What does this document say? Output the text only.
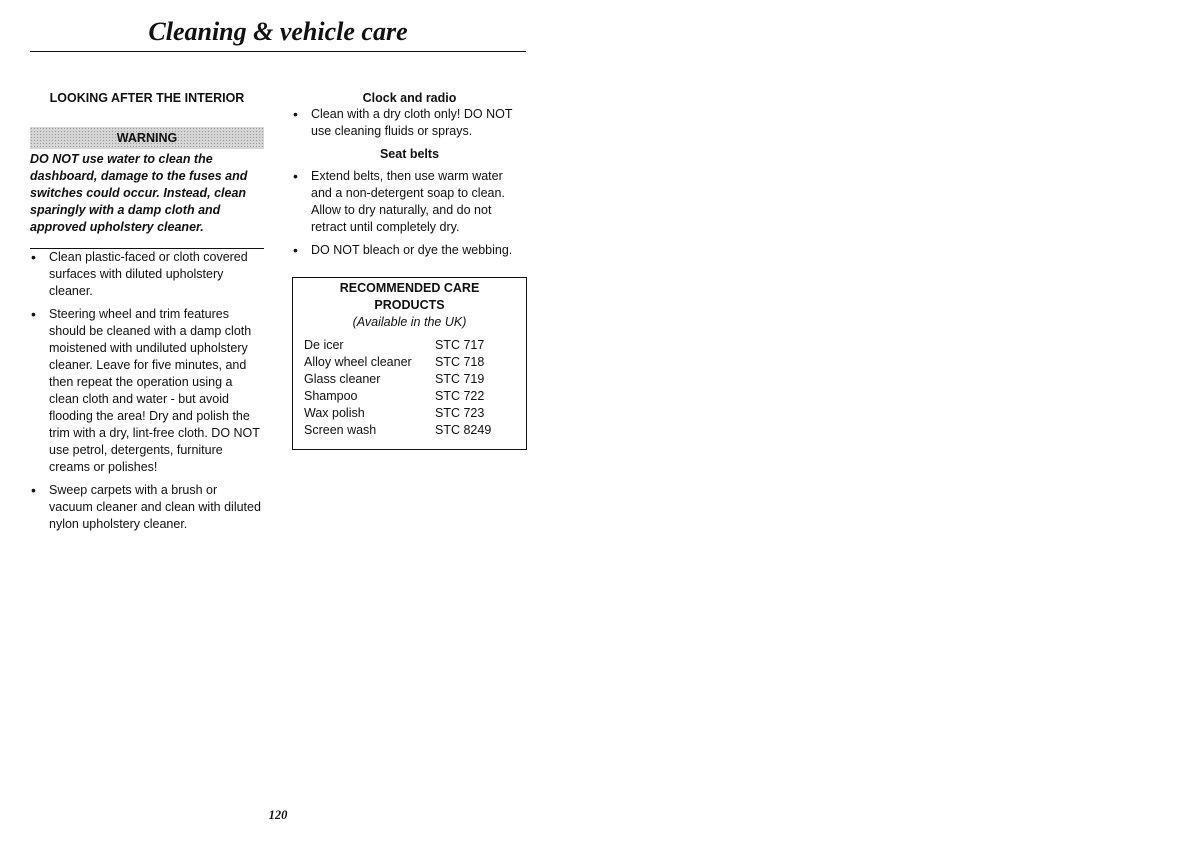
Cleaning & vehicle care
LOOKING AFTER THE INTERIOR
WARNING
DO NOT use water to clean the dashboard, damage to the fuses and switches could occur. Instead, clean sparingly with a damp cloth and approved upholstery cleaner.
• Clean plastic-faced or cloth covered surfaces with diluted upholstery cleaner.
• Steering wheel and trim features should be cleaned with a damp cloth moistened with undiluted upholstery cleaner. Leave for five minutes, and then repeat the operation using a clean cloth and water - but avoid flooding the area! Dry and polish the trim with a dry, lint-free cloth. DO NOT use petrol, detergents, furniture creams or polishes!
• Sweep carpets with a brush or vacuum cleaner and clean with diluted nylon upholstery cleaner.
Clock and radio
• Clean with a dry cloth only! DO NOT use cleaning fluids or sprays.
Seat belts
• Extend belts, then use warm water and a non-detergent soap to clean. Allow to dry naturally, and do not retract until completely dry.
• DO NOT bleach or dye the webbing.
RECOMMENDED CARE PRODUCTS
(Available in the UK)
De icer	STC 717
Alloy wheel cleaner	STC 718
Glass cleaner	STC 719
Shampoo	STC 722
Wax polish	STC 723
Screen wash	STC 8249
120
